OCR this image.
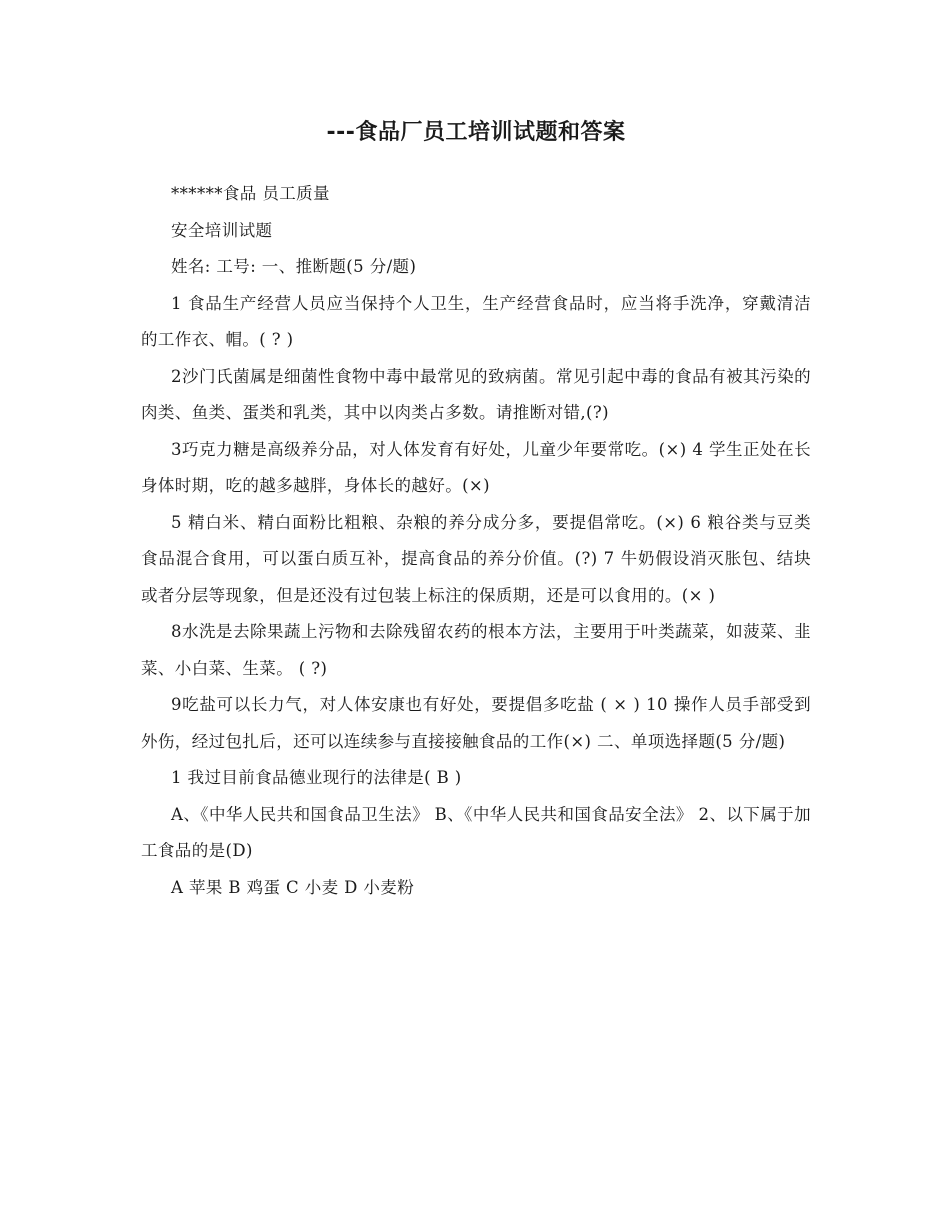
---食品厂员工培训试题和答案

******食品 员工质量

安全培训试题

姓名: 工号: 一、推断题(5 分/题)

1 食品生产经营人员应当保持个人卫生，生产经营食品时，应当将手洗净，穿戴清洁的工作衣、帽。( ? )

2沙门氏菌属是细菌性食物中毒中最常见的致病菌。常见引起中毒的食品有被其污染的肉类、鱼类、蛋类和乳类，其中以肉类占多数。请推断对错,(?)

3巧克力糖是高级养分品，对人体发育有好处，儿童少年要常吃。(×) 4 学生正处在长身体时期，吃的越多越胖，身体长的越好。(×)

5 精白米、精白面粉比粗粮、杂粮的养分成分多，要提倡常吃。(×) 6 粮谷类与豆类食品混合食用，可以蛋白质互补，提高食品的养分价值。(?) 7 牛奶假设消灭胀包、结块或者分层等现象，但是还没有过包装上标注的保质期，还是可以食用的。(× )

8水洗是去除果蔬上污物和去除残留农药的根本方法，主要用于叶类蔬菜，如菠菜、韭菜、小白菜、生菜。 ( ?)

9吃盐可以长力气，对人体安康也有好处，要提倡多吃盐 ( × ) 10 操作人员手部受到外伤，经过包扎后，还可以连续参与直接接触食品的工作(×) 二、单项选择题(5 分/题)

1 我过目前食品德业现行的法律是( B )

A、《中华人民共和国食品卫生法》 B、《中华人民共和国食品安全法》 2、以下属于加工食品的是(D)

A 苹果 B 鸡蛋 C 小麦 D 小麦粉
